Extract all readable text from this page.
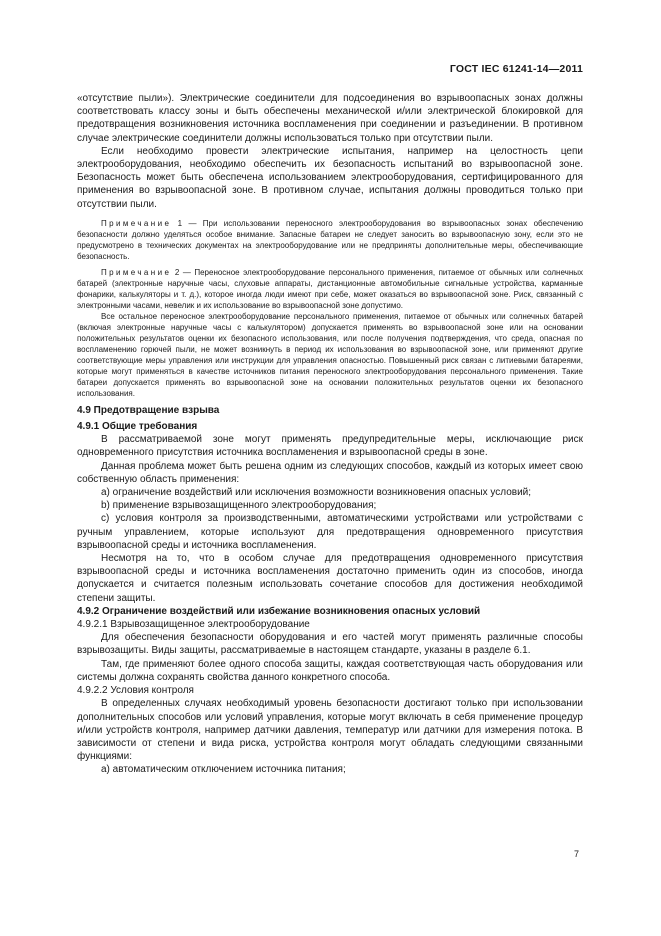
ГОСТ IEC 61241-14—2011

«отсутствие пыли»). Электрические соединители для подсоединения во взрывоопасных зонах должны соответствовать классу зоны и быть обеспечены механической и/или электрической блокировкой для предотвращения возникновения источника воспламенения при соединении и разъединении. В противном случае электрические соединители должны использоваться только при отсутствии пыли.

Если необходимо провести электрические испытания, например на целостность цепи электрооборудования, необходимо обеспечить их безопасность испытаний во взрывоопасной зоне. Безопасность может быть обеспечена использованием электрооборудования, сертифицированного для применения во взрывоопасной зоне. В противном случае, испытания должны проводиться только при отсутствии пыли.

Примечание 1 — При использовании переносного электрооборудования во взрывоопасных зонах обеспечению безопасности должно уделяться особое внимание. Запасные батареи не следует заносить во взрывоопасную зону, если это не предусмотрено в технических документах на электрооборудование или не предприняты дополнительные меры, обеспечивающие безопасность.

Примечание 2 — Переносное электрооборудование персонального применения, питаемое от обычных или солнечных батарей (электронные наручные часы, слуховые аппараты, дистанционные автомобильные сигнальные устройства, карманные фонарики, калькуляторы и т. д.), которое иногда люди имеют при себе, может оказаться во взрывоопасной зоне. Риск, связанный с электронными часами, невелик и их использование во взрывоопасной зоне допустимо.

Все остальное переносное электрооборудование персонального применения, питаемое от обычных или солнечных батарей (включая электронные наручные часы с калькулятором) допускается применять во взрывоопасной зоне или на основании положительных результатов оценки их безопасного использования, или после получения подтверждения, что среда, опасная по воспламенению горючей пыли, не может возникнуть в период их использования во взрывоопасной зоне, или применяют другие соответствующие меры управления или инструкции для управления опасностью. Повышенный риск связан с литиевыми батареями, которые могут применяться в качестве источников питания переносного электрооборудования персонального применения. Такие батареи допускается применять во взрывоопасной зоне на основании положительных результатов оценки их безопасного использования.

4.9 Предотвращение взрыва

4.9.1 Общие требования

В рассматриваемой зоне могут применять предупредительные меры, исключающие риск одновременного присутствия источника воспламенения и взрывоопасной среды в зоне.

Данная проблема может быть решена одним из следующих способов, каждый из которых имеет свою собственную область применения:

а) ограничение воздействий или исключения возможности возникновения опасных условий;

b) применение взрывозащищенного электрооборудования;

c) условия контроля за производственными, автоматическими устройствами или устройствами с ручным управлением, которые используют для предотвращения одновременного присутствия взрывоопасной среды и источника воспламенения.

Несмотря на то, что в особом случае для предотвращения одновременного присутствия взрывоопасной среды и источника воспламенения достаточно применить один из способов, иногда допускается и считается полезным использовать сочетание способов для достижения необходимой степени защиты.

4.9.2 Ограничение воздействий или избежание возникновения опасных условий

4.9.2.1 Взрывозащищенное электрооборудование

Для обеспечения безопасности оборудования и его частей могут применять различные способы взрывозащиты. Виды защиты, рассматриваемые в настоящем стандарте, указаны в разделе 6.1.

Там, где применяют более одного способа защиты, каждая соответствующая часть оборудования или системы должна сохранять свойства данного конкретного способа.

4.9.2.2 Условия контроля

В определенных случаях необходимый уровень безопасности достигают только при использовании дополнительных способов или условий управления, которые могут включать в себя применение процедур и/или устройств контроля, например датчики давления, температур или датчики для измерения потока. В зависимости от степени и вида риска, устройства контроля могут обладать следующими связанными функциями:

а) автоматическим отключением источника питания;

7
